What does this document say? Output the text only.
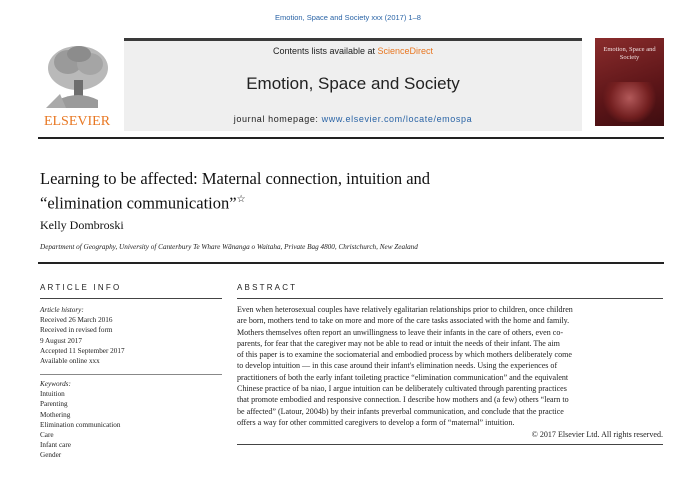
Emotion, Space and Society xxx (2017) 1–8
ELSEVIER
Contents lists available at ScienceDirect
Emotion, Space and Society
journal homepage: www.elsevier.com/locate/emospa
Emotion, Space and Society
Learning to be affected: Maternal connection, intuition and
“elimination communication”☆
Kelly Dombroski
Department of Geography, University of Canterbury Te Whare Wānanga o Waitaha, Private Bag 4800, Christchurch, New Zealand
ARTICLE INFO
Article history:
Received 26 March 2016
Received in revised form
9 August 2017
Accepted 11 September 2017
Available online xxx
Keywords:
Intuition
Parenting
Mothering
Elimination communication
Care
Infant care
Gender
ABSTRACT
Even when heterosexual couples have relatively egalitarian relationships prior to children, once children
are born, mothers tend to take on more and more of the care tasks associated with the home and family.
Mothers themselves often report an unwillingness to leave their infants in the care of others, even co-
parents, for fear that the caregiver may not be able to read or intuit the needs of their infant. The aim
of this paper is to examine the sociomaterial and embodied process by which mothers deliberately come
to develop intuition — in this case around their infant's elimination needs. Using the experiences of
practitioners of both the early infant toileting practice “elimination communication” and the equivalent
Chinese practice of ba niao, I argue intuition can be deliberately cultivated through parenting practices
that promote embodied and responsive connection. I describe how mothers and (a few) others “learn to
be affected” (Latour, 2004b) by their infants preverbal communication, and conclude that the practice
offers a way for other committed caregivers to develop a form of “maternal” intuition.
© 2017 Elsevier Ltd. All rights reserved.
